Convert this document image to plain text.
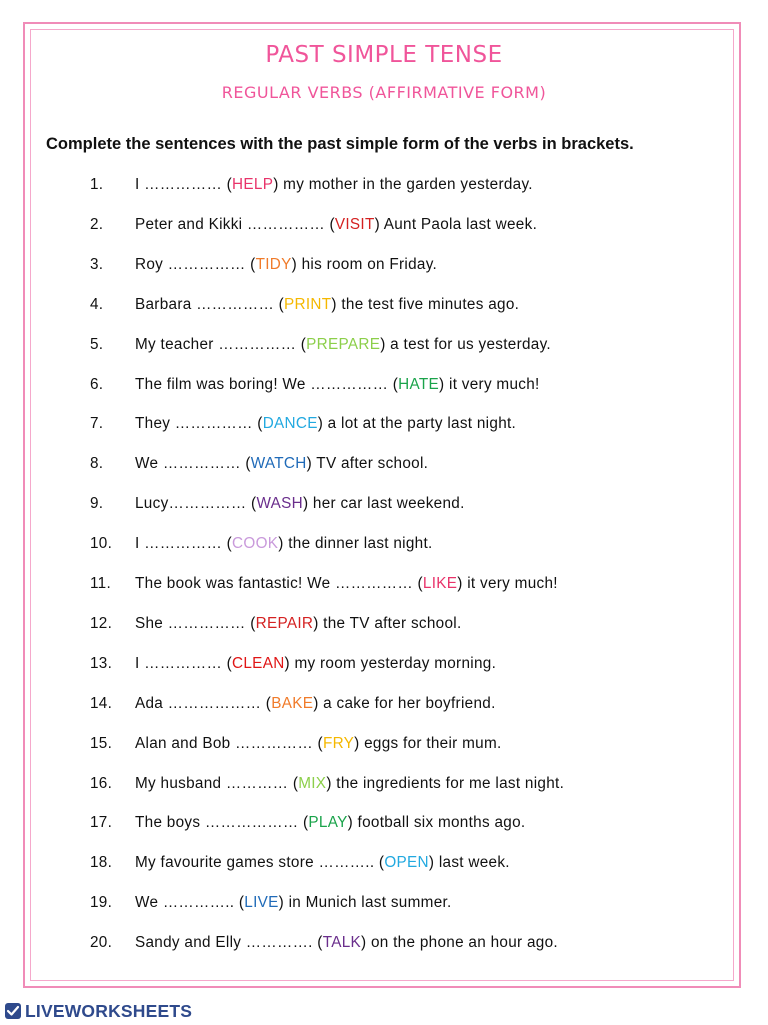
PAST SIMPLE TENSE
REGULAR VERBS (AFFIRMATIVE FORM)
Complete the sentences with the past simple form of the verbs in brackets.
1. I …………… (HELP) my mother in the garden yesterday.
2. Peter and Kikki …………… (VISIT) Aunt Paola last week.
3. Roy …………… (TIDY) his room on Friday.
4. Barbara …………… (PRINT) the test five minutes ago.
5. My teacher …………… (PREPARE) a test for us yesterday.
6. The film was boring! We …………… (HATE) it very much!
7. They …………… (DANCE) a lot at the party last night.
8. We …………… (WATCH) TV after school.
9. Lucy…………… (WASH) her car last weekend.
10. I …………… (COOK) the dinner last night.
11. The book was fantastic! We …………… (LIKE) it very much!
12. She …………… (REPAIR) the TV after school.
13. I …………… (CLEAN) my room yesterday morning.
14. Ada ……………… (BAKE) a cake for her boyfriend.
15. Alan and Bob …………… (FRY) eggs for their mum.
16. My husband ………… (MIX) the ingredients for me last night.
17. The boys ……………… (PLAY) football six months ago.
18. My favourite games store ……….. (OPEN) last week.
19. We ………….. (LIVE) in Munich last summer.
20. Sandy and Elly …………. (TALK) on the phone an hour ago.
LIVEWORKSHEETS
